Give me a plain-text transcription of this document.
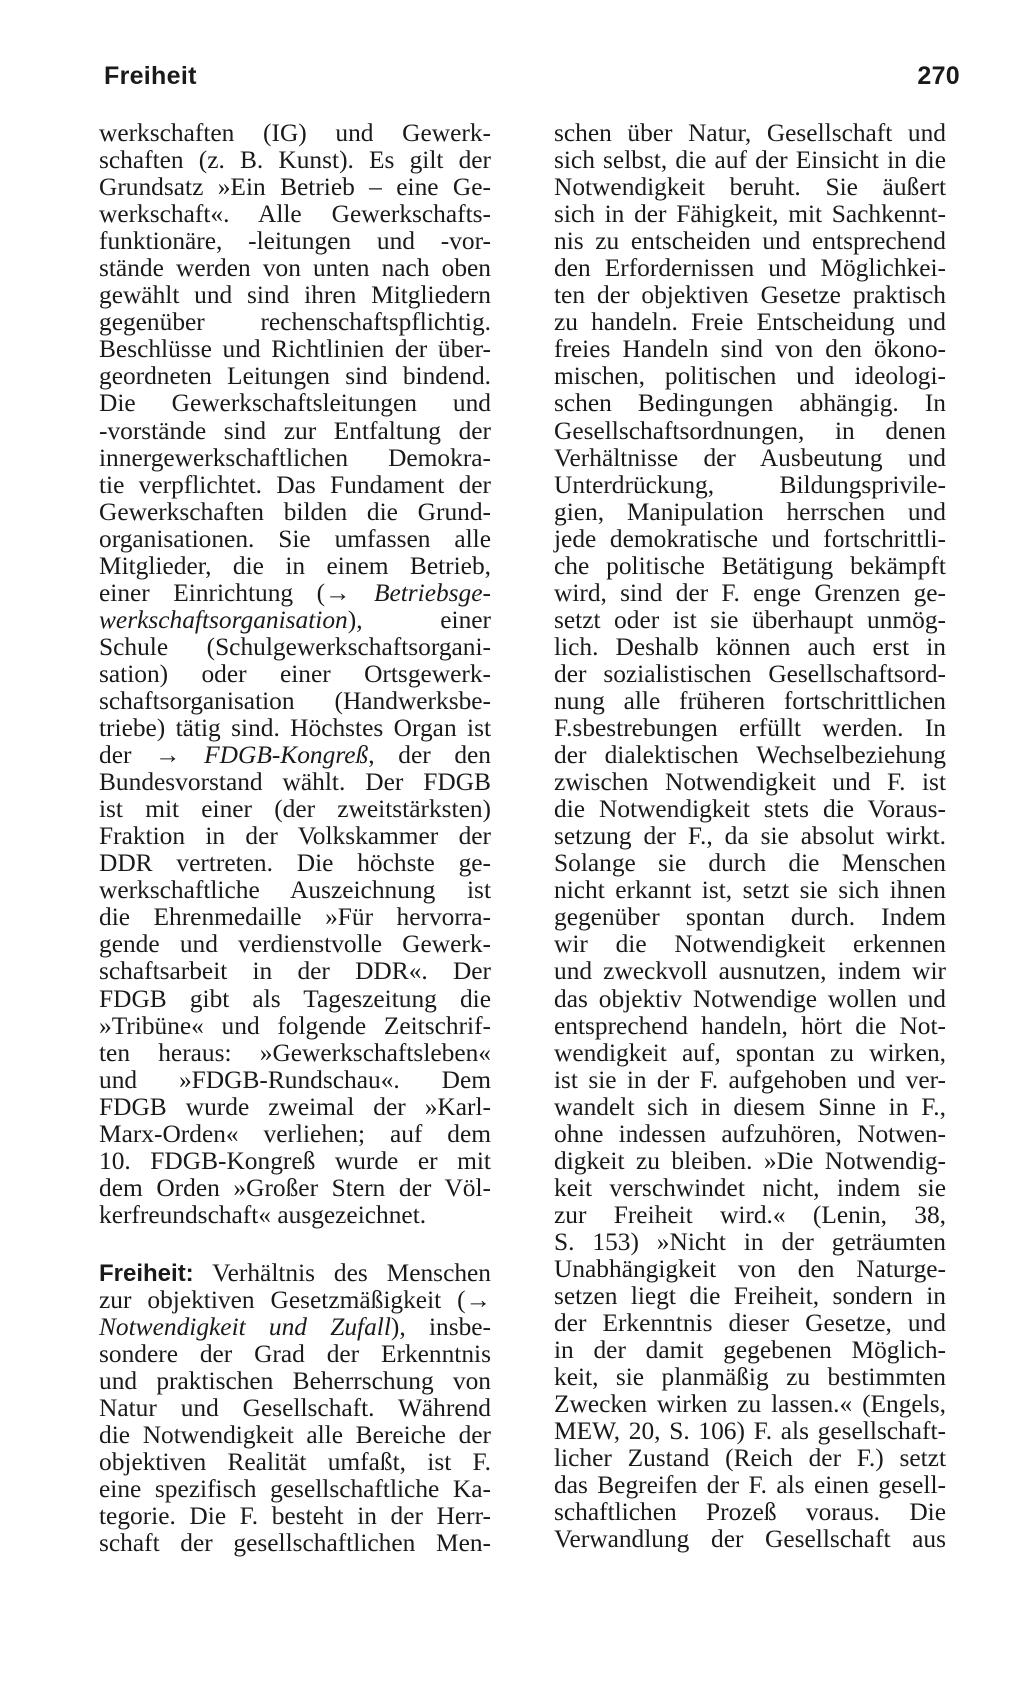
Freiheit	270
werkschaften (IG) und Gewerk-
schaften (z. B. Kunst). Es gilt der
Grundsatz »Ein Betrieb – eine Ge-
werkschaft«. Alle Gewerkschafts-
funktionäre, -leitungen und -vor-
stände werden von unten nach oben
gewählt und sind ihren Mitgliedern
gegenüber rechenschaftspflichtig.
Beschlüsse und Richtlinien der über-
geordneten Leitungen sind bindend.
Die Gewerkschaftsleitungen und
-vorstände sind zur Entfaltung der
innergewerkschaftlichen Demokra-
tie verpflichtet. Das Fundament der
Gewerkschaften bilden die Grund-
organisationen. Sie umfassen alle
Mitglieder, die in einem Betrieb,
einer Einrichtung (→ Betriebsge-
werkschaftsorganisation), einer
Schule (Schulgewerkschaftsorgani-
sation) oder einer Ortsgewerk-
schaftsorganisation (Handwerksbe-
triebe) tätig sind. Höchstes Organ ist
der → FDGB-Kongreß, der den
Bundesvorstand wählt. Der FDGB
ist mit einer (der zweitstärksten)
Fraktion in der Volkskammer der
DDR vertreten. Die höchste ge-
werkschaftliche Auszeichnung ist
die Ehrenmedaille »Für hervorra-
gende und verdienstvolle Gewerk-
schaftsarbeit in der DDR«. Der
FDGB gibt als Tageszeitung die
»Tribüne« und folgende Zeitschrif-
ten heraus: »Gewerkschaftsleben«
und »FDGB-Rundschau«. Dem
FDGB wurde zweimal der »Karl-
Marx-Orden« verliehen; auf dem
10. FDGB-Kongreß wurde er mit
dem Orden »Großer Stern der Völ-
kerfreundschaft« ausgezeichnet.
Freiheit: Verhältnis des Menschen
zur objektiven Gesetzmäßigkeit (→
Notwendigkeit und Zufall), insbe-
sondere der Grad der Erkenntnis
und praktischen Beherrschung von
Natur und Gesellschaft. Während
die Notwendigkeit alle Bereiche der
objektiven Realität umfaßt, ist F.
eine spezifisch gesellschaftliche Ka-
tegorie. Die F. besteht in der Herr-
schaft der gesellschaftlichen Men-
schen über Natur, Gesellschaft und
sich selbst, die auf der Einsicht in die
Notwendigkeit beruht. Sie äußert
sich in der Fähigkeit, mit Sachkennt-
nis zu entscheiden und entsprechend
den Erfordernissen und Möglichkei-
ten der objektiven Gesetze praktisch
zu handeln. Freie Entscheidung und
freies Handeln sind von den ökono-
mischen, politischen und ideologi-
schen Bedingungen abhängig. In
Gesellschaftsordnungen, in denen
Verhältnisse der Ausbeutung und
Unterdrückung, Bildungsprivile-
gien, Manipulation herrschen und
jede demokratische und fortschrittli-
che politische Betätigung bekämpft
wird, sind der F. enge Grenzen ge-
setzt oder ist sie überhaupt unmög-
lich. Deshalb können auch erst in
der sozialistischen Gesellschaftsord-
nung alle früheren fortschrittlichen
F.sbestrebungen erfüllt werden. In
der dialektischen Wechselbeziehung
zwischen Notwendigkeit und F. ist
die Notwendigkeit stets die Voraus-
setzung der F., da sie absolut wirkt.
Solange sie durch die Menschen
nicht erkannt ist, setzt sie sich ihnen
gegenüber spontan durch. Indem
wir die Notwendigkeit erkennen
und zweckvoll ausnutzen, indem wir
das objektiv Notwendige wollen und
entsprechend handeln, hört die Not-
wendigkeit auf, spontan zu wirken,
ist sie in der F. aufgehoben und ver-
wandelt sich in diesem Sinne in F.,
ohne indessen aufzuhören, Notwen-
digkeit zu bleiben. »Die Notwendig-
keit verschwindet nicht, indem sie
zur Freiheit wird.« (Lenin, 38,
S. 153) »Nicht in der geträumten
Unabhängigkeit von den Naturge-
setzen liegt die Freiheit, sondern in
der Erkenntnis dieser Gesetze, und
in der damit gegebenen Möglich-
keit, sie planmäßig zu bestimmten
Zwecken wirken zu lassen.« (Engels,
MEW, 20, S. 106) F. als gesellschaft-
licher Zustand (Reich der F.) setzt
das Begreifen der F. als einen gesell-
schaftlichen Prozeß voraus. Die
Verwandlung der Gesellschaft aus
